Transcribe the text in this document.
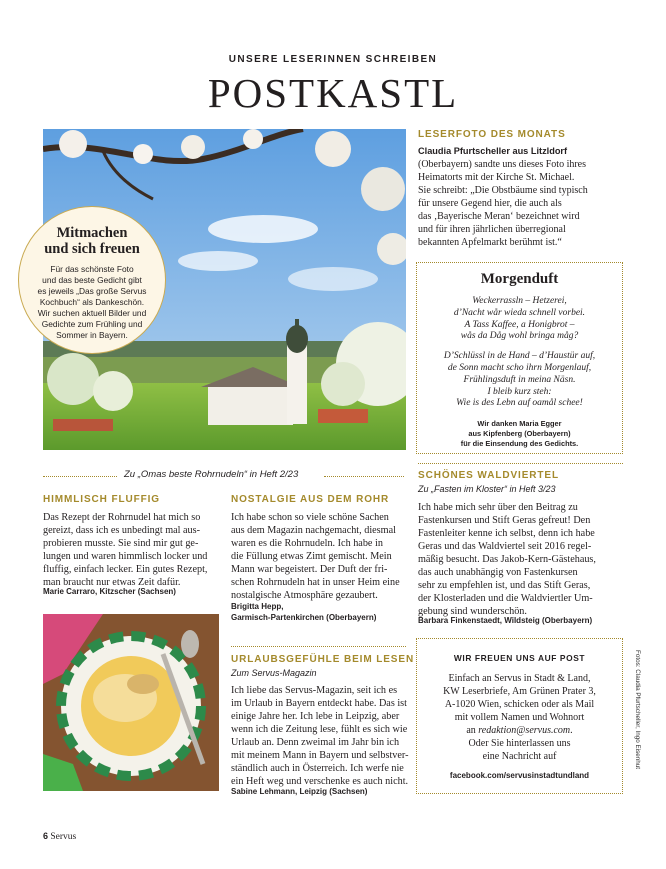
UNSERE LESERINNEN SCHREIBEN
POSTKASTL
Mitmachen
und sich freuen
Für das schönste Foto
und das beste Gedicht gibt
es jeweils „Das große Servus
Kochbuch“ als Dankeschön.
Wir suchen aktuell Bilder und
Gedichte zum Frühling und
Sommer in Bayern.
LESERFOTO DES MONATS
Claudia Pfurtscheller aus Litzldorf
(Oberbayern) sandte uns dieses Foto ihres
Heimatorts mit der Kirche St. Michael.
Sie schreibt: „Die Obstbäume sind typisch
für unsere Gegend hier, die auch als
das ‚Bayerische Meran‘ bezeichnet wird
und für ihren jährlichen überregional
bekannten Apfelmarkt berühmt ist.“
Morgenduft
Weckerrassln – Hetzerei,
d’Nacht wår wieda schnell vorbei.
A Tass Kaffee, a Honigbrot –
wås da Dåg wohl bringa måg?
D’Schlüssl in de Hand – d’Haustür auf,
de Sonn macht scho ihrn Morgenlauf,
Frühlingsduft in meina Näsn.
I bleib kurz steh:
Wie is des Lebn auf oamål schee!
Wir danken Maria Egger
aus Kipfenberg (Oberbayern)
für die Einsendung des Gedichts.
Zu „Omas beste Rohrnudeln“ in Heft 2/23
HIMMLISCH FLUFFIG
Das Rezept der Rohrnudel hat mich so
gereizt, dass ich es unbedingt mal aus-
probieren musste. Sie sind mir gut ge-
lungen und waren himmlisch locker und
fluffig, einfach lecker. Ein gutes Rezept,
man braucht nur etwas Zeit dafür.
Marie Carraro, Kitzscher (Sachsen)
NOSTALGIE AUS DEM ROHR
Ich habe schon so viele schöne Sachen
aus dem Magazin nachgemacht, diesmal
waren es die Rohrnudeln. Ich habe in
die Füllung etwas Zimt gemischt. Mein
Mann war begeistert. Der Duft der fri-
schen Rohrnudeln hat in unser Heim eine
nostalgische Atmosphäre gezaubert.
Brigitta Hepp,
Garmisch-Partenkirchen (Oberbayern)
SCHÖNES WALDVIERTEL
Zu „Fasten im Kloster“ in Heft 3/23
Ich habe mich sehr über den Beitrag zu
Fastenkursen und Stift Geras gefreut! Den
Fastenleiter kenne ich selbst, denn ich habe
Geras und das Waldviertel seit 2016 regel-
mäßig besucht. Das Jakob-Kern-Gästehaus,
das auch unabhängig von Fastenkursen
sehr zu empfehlen ist, und das Stift Geras,
der Klosterladen und die Waldviertler Um-
gebung sind wunderschön.
Barbara Finkenstaedt, Wildsteig (Oberbayern)
URLAUBSGEFÜHLE BEIM LESEN
Zum Servus-Magazin
Ich liebe das Servus-Magazin, seit ich es
im Urlaub in Bayern entdeckt habe. Das ist
einige Jahre her. Ich lebe in Leipzig, aber
wenn ich die Zeitung lese, fühlt es sich wie
Urlaub an. Denn zweimal im Jahr bin ich
mit meinem Mann in Bayern und selbstver-
ständlich auch in Österreich. Ich werfe nie
ein Heft weg und verschenke es auch nicht.
Sabine Lehmann, Leipzig (Sachsen)
WIR FREUEN UNS AUF POST
Einfach an Servus in Stadt & Land,
KW Leserbriefe, Am Grünen Prater 3,
A-1020 Wien, schicken oder als Mail
mit vollem Namen und Wohnort
an redaktion@servus.com.
Oder Sie hinterlassen uns
eine Nachricht auf
facebook.com/servusinstadtundland
Fotos: Claudia Pfurtscheller, Ingo Eisenhut
6 Servus
